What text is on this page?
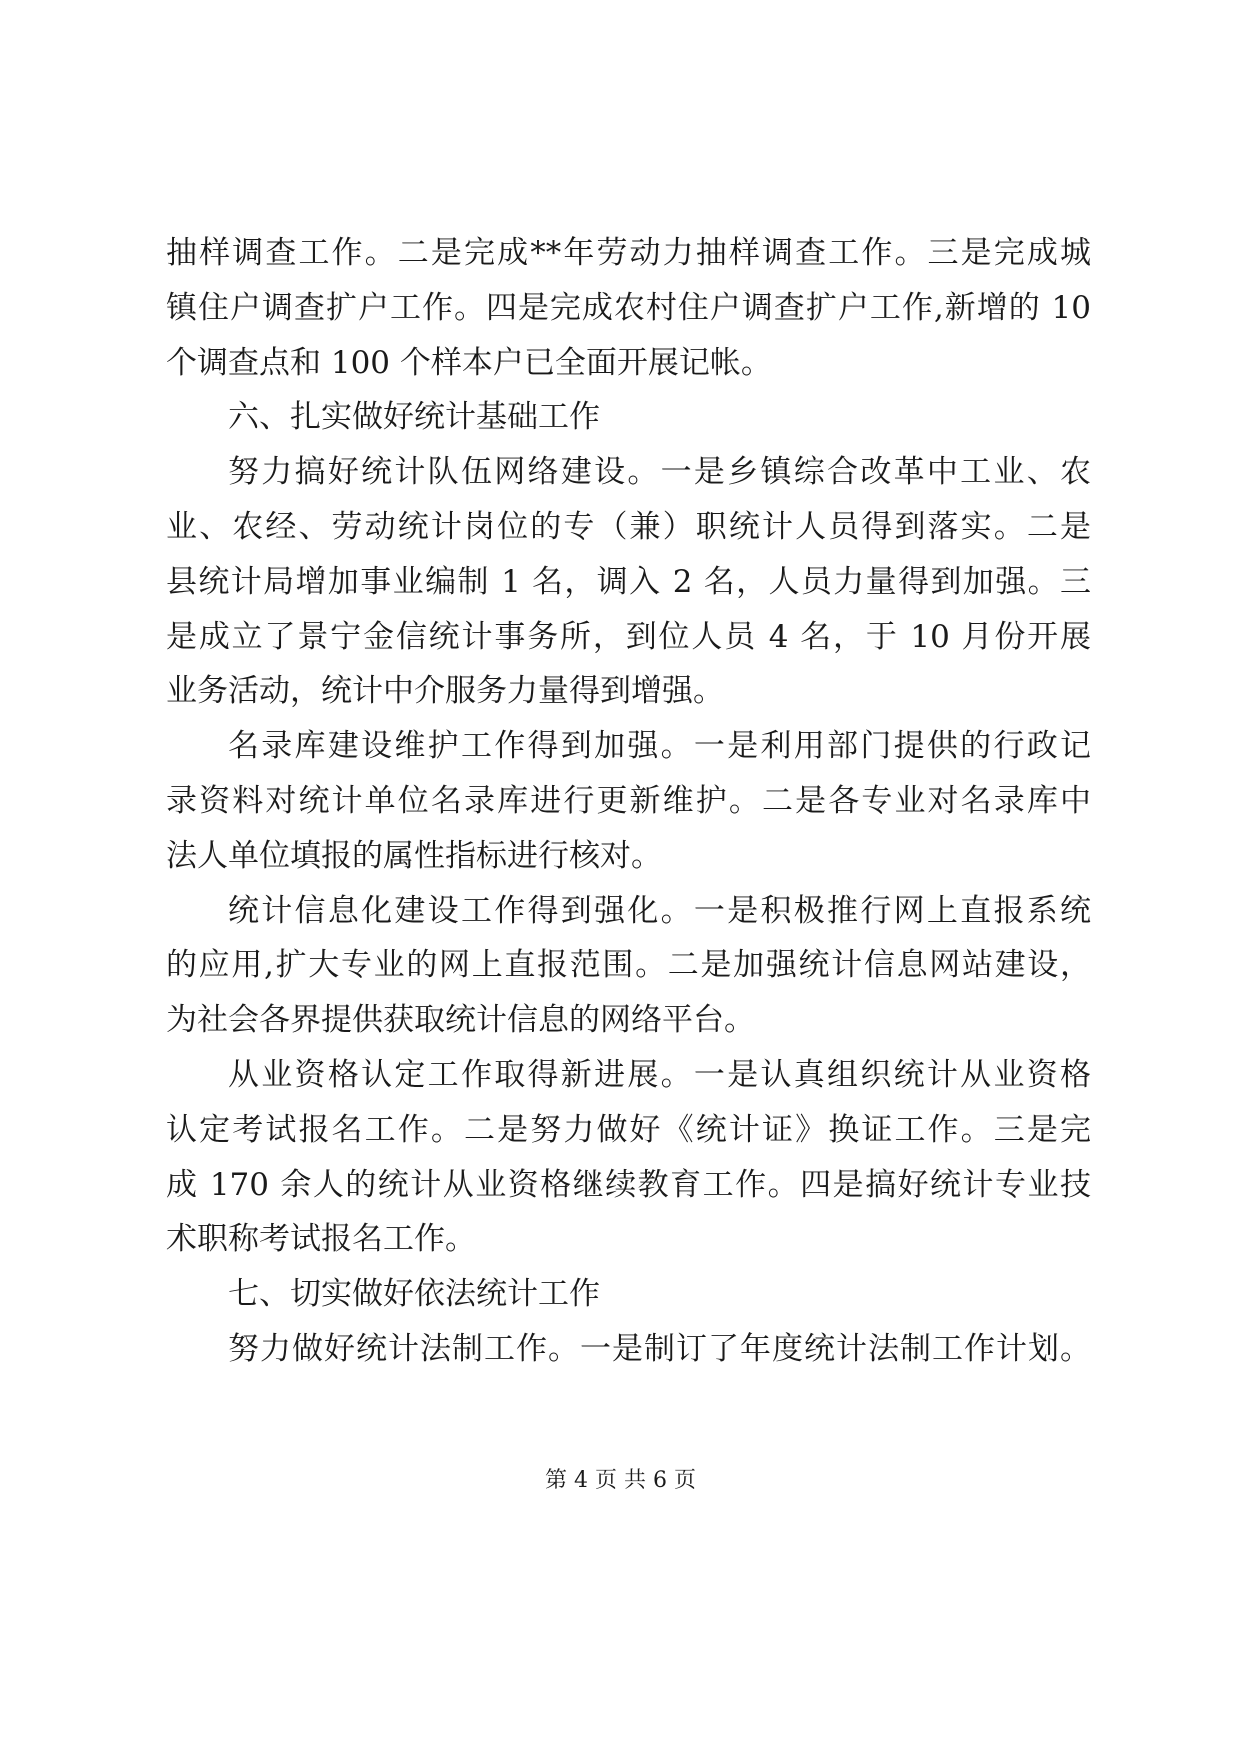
抽样调查工作。二是完成**年劳动力抽样调查工作。三是完成城
镇住户调查扩户工作。四是完成农村住户调查扩户工作,新增的 10
个调查点和 100 个样本户已全面开展记帐。
六、扎实做好统计基础工作
努力搞好统计队伍网络建设。一是乡镇综合改革中工业、农
业、农经、劳动统计岗位的专（兼）职统计人员得到落实。二是
县统计局增加事业编制 1 名，调入 2 名，人员力量得到加强。三
是成立了景宁金信统计事务所，到位人员 4 名，于 10 月份开展
业务活动，统计中介服务力量得到增强。
名录库建设维护工作得到加强。一是利用部门提供的行政记
录资料对统计单位名录库进行更新维护。二是各专业对名录库中
法人单位填报的属性指标进行核对。
统计信息化建设工作得到强化。一是积极推行网上直报系统
的应用,扩大专业的网上直报范围。二是加强统计信息网站建设，
为社会各界提供获取统计信息的网络平台。
从业资格认定工作取得新进展。一是认真组织统计从业资格
认定考试报名工作。二是努力做好《统计证》换证工作。三是完
成 170 余人的统计从业资格继续教育工作。四是搞好统计专业技
术职称考试报名工作。
七、切实做好依法统计工作
努力做好统计法制工作。一是制订了年度统计法制工作计划。
第 4 页 共 6 页
